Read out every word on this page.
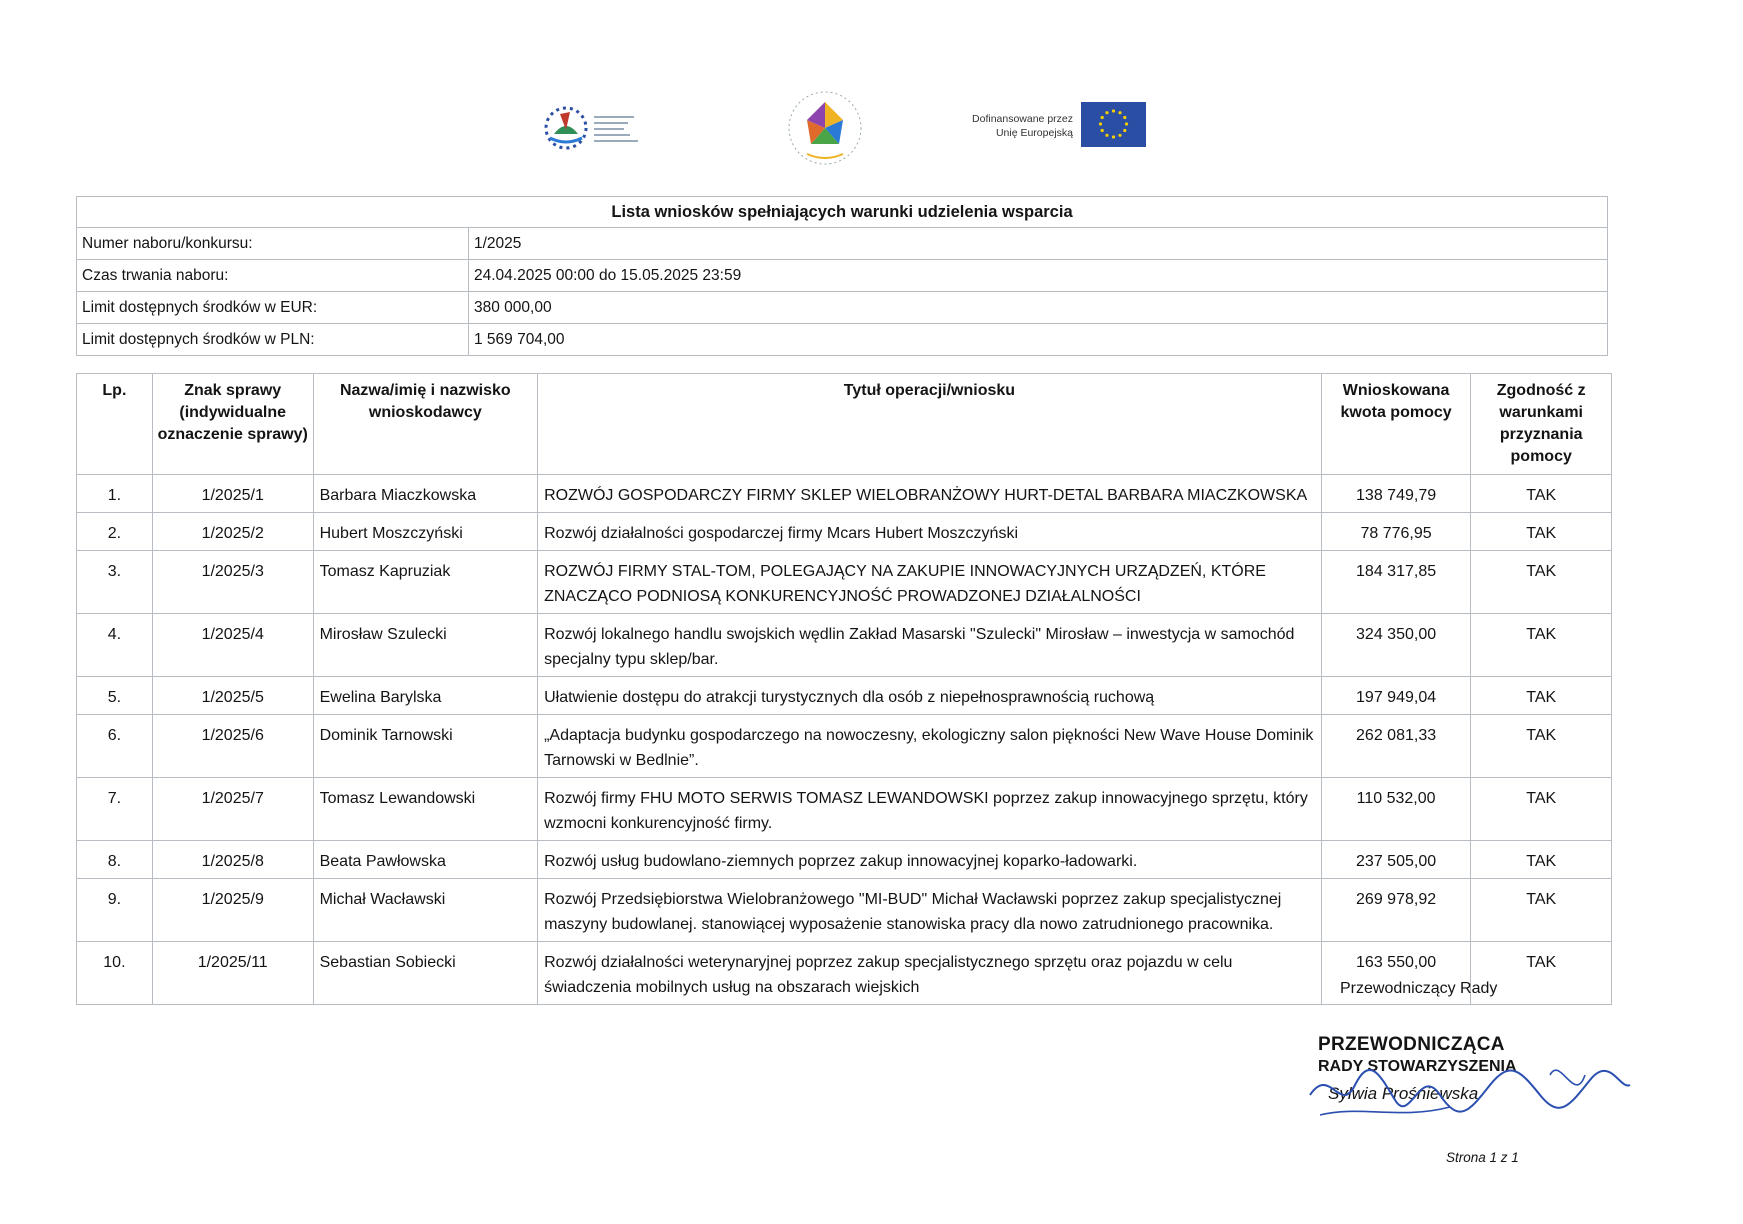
Dofinansowane przez
Unię Europejską
Lista wniosków spełniających warunki udzielenia wsparcia	
Numer naboru/konkursu:	1/2025
Czas trwania naboru:	24.04.2025 00:00 do 15.05.2025 23:59
Limit dostępnych środków w EUR:	380 000,00
Limit dostępnych środków w PLN:	1 569 704,00
Lp.	Znak sprawy (indywidualne oznaczenie sprawy)	Nazwa/imię i nazwisko wnioskodawcy	Tytuł operacji/wniosku	Wnioskowana kwota pomocy	Zgodność z warunkami przyznania pomocy
1.	1/2025/1	Barbara Miaczkowska	ROZWÓJ GOSPODARCZY FIRMY SKLEP WIELOBRANŻOWY HURT-DETAL BARBARA MIACZKOWSKA	138 749,79	TAK
2.	1/2025/2	Hubert Moszczyński	Rozwój działalności gospodarczej firmy Mcars Hubert Moszczyński	78 776,95	TAK
3.	1/2025/3	Tomasz Kapruziak	ROZWÓJ FIRMY STAL-TOM, POLEGAJĄCY NA ZAKUPIE INNOWACYJNYCH URZĄDZEŃ, KTÓRE ZNACZĄCO PODNIOSĄ KONKURENCYJNOŚĆ PROWADZONEJ DZIAŁALNOŚCI	184 317,85	TAK
4.	1/2025/4	Mirosław Szulecki	Rozwój lokalnego handlu swojskich wędlin Zakład Masarski "Szulecki" Mirosław – inwestycja w samochód specjalny typu sklep/bar.	324 350,00	TAK
5.	1/2025/5	Ewelina Barylska	Ułatwienie dostępu do atrakcji turystycznych dla osób z niepełnosprawnością ruchową	197 949,04	TAK
6.	1/2025/6	Dominik Tarnowski	„Adaptacja budynku gospodarczego na nowoczesny, ekologiczny salon piękności New Wave House Dominik Tarnowski w Bedlnie”.	262 081,33	TAK
7.	1/2025/7	Tomasz Lewandowski	Rozwój firmy FHU MOTO SERWIS TOMASZ LEWANDOWSKI poprzez zakup innowacyjnego sprzętu, który wzmocni konkurencyjność firmy.	110 532,00	TAK
8.	1/2025/8	Beata Pawłowska	Rozwój usług budowlano-ziemnych poprzez zakup innowacyjnej koparko-ładowarki.	237 505,00	TAK
9.	1/2025/9	Michał Wacławski	Rozwój Przedsiębiorstwa Wielobranżowego "MI-BUD" Michał Wacławski poprzez zakup specjalistycznej maszyny budowlanej. stanowiącej wyposażenie stanowiska pracy dla nowo zatrudnionego pracownika.	269 978,92	TAK
10.	1/2025/11	Sebastian Sobiecki	Rozwój działalności weterynaryjnej poprzez zakup specjalistycznego sprzętu oraz pojazdu w celu świadczenia mobilnych usług na obszarach wiejskich	163 550,00	TAK
Przewodniczący Rady
PRZEWODNICZĄCA
RADY STOWARZYSZENIA
Sylwia Prośniewska
Strona 1 z 1
